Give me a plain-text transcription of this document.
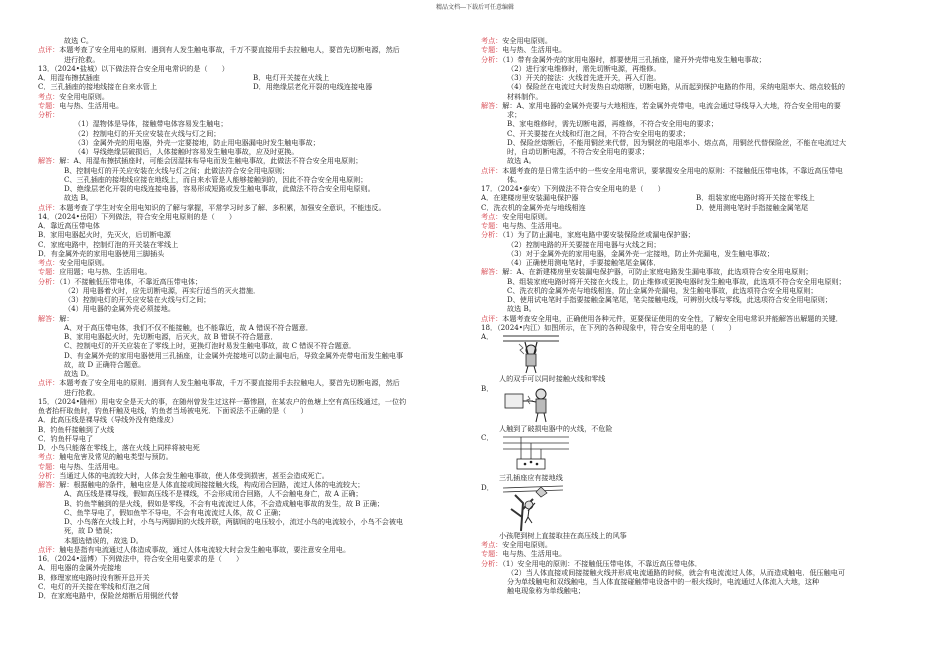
精品文档---下载后可任意编辑
故选 C。
点评：本题考查了安全用电的原则．遇到有人发生触电事故，千万不要直接用手去拉触电人，要首先切断电源，然后
进行抢救。
13．（2024•盐城）以下做法符合安全用电常识的是（　　）
A．用湿布擦拭插座	B．电灯开关接在火线上
C．三孔插座的接地线接在自来水管上	D．用绝缘层老化开裂的电线连接电器
考点：安全用电原则。
专题：电与热、生活用电。
分析：
（1）湿物体是导体，接触带电体容易发生触电；
（2）控制电灯的开关应安装在火线与灯之间；
（3）金属外壳的用电器，外壳一定要接地，防止用电器漏电时发生触电事故；
（4）导线绝缘层破损后，人体接触时容易发生触电事故，应及时更换。
解答：解：A、用湿布擦拭插座时，可能会因湿抹布导电而发生触电事故，此做法不符合安全用电原则；
B、控制电灯的开关应安装在火线与灯之间；此做法符合安全用电原则；
C、三孔插座的接地线应接在地线上，而自来水管是人能够接触到的，因此不符合安全用电原则；
D、绝缘层老化开裂的电线连接电器，容易形成短路或发生触电事故，此做法不符合安全用电原则。
故选 B。
点评：本题考查了学生对安全用电知识的了解与掌握，平常学习时多了解、多积累，加强安全意识，不能违反。
14．（2024•岳阳）下列做法，符合安全用电原则的是（　　）
A．靠近高压带电体
B．家用电器起火时，先灭火，后切断电源
C．家庭电路中，控制灯泡的开关装在零线上
D．有金属外壳的家用电器使用三脚插头
考点：安全用电原则。
专题：应用题；电与热、生活用电。
分析：（1）不接触低压带电体，不靠近高压带电体；
（2）用电器着火时，应先切断电源，再实行适当的灭火措施．
（3）控制电灯的开关应安装在火线与灯之间；
（4）用电器的金属外壳必须接地。
解答：解：
A、对于高压带电体，我们不仅不能接触，也不能靠近，故 A 错误不符合题意．
B、家用电器起火时，先切断电源，后灭火，故 B 错误不符合题意．
C、控制电灯的开关应装在了零线上时，更换灯泡时易发生触电事故，故 C 错误不符合题意．
D、有金属外壳的家用电器使用三孔插座，让金属外壳接地可以防止漏电后，导致金属外壳带电而发生触电事
故，故 D 正确符合题意。
故选 D。
点评：本题考查了安全用电的原则．遇到有人发生触电事故，千万不要直接用手去拉触电人，要首先切断电源，然后
进行抢救。
15．（2024•随州）用电安全是天大的事，在随州曾发生过这样一幕惨剧，在某农户的鱼塘上空有高压线通过，一位钓
鱼者抬杆取鱼时，钓鱼杆触及电线，钓鱼者当场被电死．下面说法不正确的是（　　）
A．此高压线是裸导线（导线外没有绝缘皮）
B．钓鱼杆接触到了火线
C．钓鱼杆导电了
D．小鸟只能落在零线上，落在火线上同样将被电死
考点：触电危害及常见的触电类型与预防。
专题：电与热、生活用电。
分析：当通过人体的电流较大时，人体会发生触电事故，使人体受到损害，甚至会造成死亡。
解答：解：根据触电的条件，触电应是人体直接或间接接触火线，构成闭合回路，流过人体的电流较大；
A、高压线是裸导线，假如高压线不是裸线，不会形成闭合回路，人不会触电身亡，故 A 正确；
B、钓鱼竿触到的是火线，假如是零线，不会有电流流过人体，不会造成触电事故的发生，故 B 正确；
C、鱼竿导电了，假如鱼竿不导电，不会有电流流过人体，故 C 正确；
D、小鸟落在火线上时，小鸟与两脚间的火线并联，两脚间的电压较小，流过小鸟的电流较小，小鸟不会被电
死，故 D 错误；
本题选错误的，故选 D。
点评：触电是指有电流通过人体造成事故，通过人体电流较大时会发生触电事故，要注意安全用电。
16．（2024•淄博）下列做法中，符合安全用电要求的是（　　）
A．用电器的金属外壳接地
B．修理家庭电路时没有断开总开关
C．电灯的开关接在零线和灯泡之间
D．在家庭电路中，保险丝熔断后用铜丝代替
考点：安全用电原则。
专题：电与热、生活用电。
分析：（1）带有金属外壳的家用电器时，都要使用三孔插座，避开外壳带电发生触电事故；
（2）进行家电维修时，需先切断电源，再维修。
（3）开关的接法：火线首先进开关，再入灯泡。
（4）保险丝在电流过大时发热自动熔断，切断电路，从而起到保护电路的作用，采纳电阻率大、熔点较低的
材料制作。
解答：解：A、家用电器的金属外壳要与大地相连，若金属外壳带电，电流会通过导线导入大地，符合安全用电的要
求；
B、家电维修时，需先切断电源，再维修，不符合安全用电的要求；
C、开关要接在火线和灯泡之间，不符合安全用电的要求；
D、保险丝熔断后，不能用铜丝来代替，因为铜丝的电阻率小、熔点高，用铜丝代替保险丝，不能在电流过大
时，自动切断电源，不符合安全用电的要求；
故选 A。
点评：本题考查的是日常生活中的一些安全用电常识，要掌握安全用电的原则：不接触低压带电体，不靠近高压带电
体。
17．（2024•泰安）下列做法不符合安全用电的是（　　）
A．在建楼房里安装漏电保护器	B．组装家庭电路时将开关接在零线上
C．洗衣机的金属外壳与地线相连	D．使用测电笔时手指接触金属笔尾
考点：安全用电原则。
专题：电与热、生活用电。
分析：（1）为了防止漏电，家庭电路中要安装保险丝或漏电保护器；
（2）控制电路的开关要接在用电器与火线之间；
（3）对于金属外壳的家用电器，金属外壳一定接地，防止外壳漏电，发生触电事故；
（4）正确使用测电笔时，手要接触笔尾金属体．
解答：解：A、在新建楼房里安装漏电保护器，可防止家庭电路发生漏电事故，此选项符合安全用电原则；
B、组装家庭电路时将开关接在火线上，防止维修或更换电器时发生触电事故，此选项不符合安全用电原则；
C、洗衣机的金属外壳与地线相连，防止金属外壳漏电，发生触电事故，此选项符合安全用电原则；
D、使用试电笔时手指要接触金属笔尾，笔尖接触电线，可辨别火线与零线，此选项符合安全用电原则；
故选 B。
点评：本题考查安全用电，正确使用各种元件，更要保证使用的安全性，了解安全用电常识并能解答出解题的关键．
18．（2024•内江）如图所示，在下列的各种现象中，符合安全用电的是（　　）
A．
人的双手可以同时接触火线和零线
B．
人触到了破损电器中的火线，不危险
C．
三孔插座应有接地线
D．
小孩爬到树上直接取挂在高压线上的风筝
考点：安全用电原则。
专题：电与热、生活用电。
分析：（1）安全用电的原则：不接触低压带电体，不靠近高压带电体．
（2）当人体直接或间接接触火线并形成电流通路的时候，就会有电流流过人体，从而造成触电．低压触电可
分为单线触电和双线触电，当人体直接碰触带电设备中的一根火线时，电流通过人体流入大地，这种
触电现象称为单线触电；
